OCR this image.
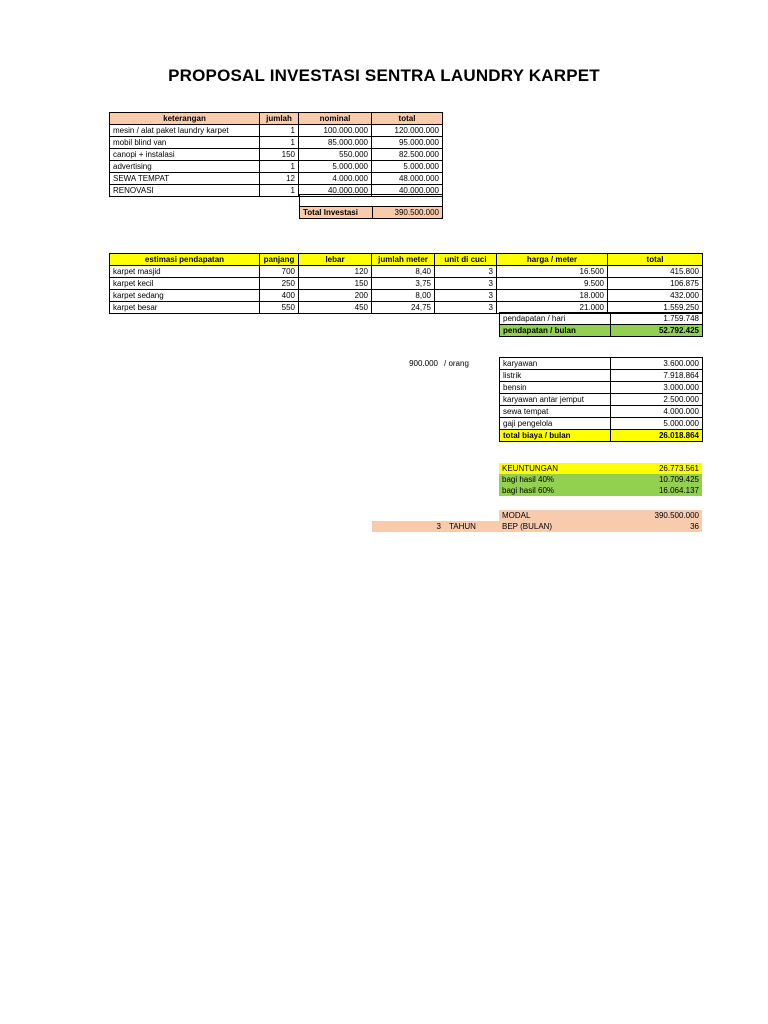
PROPOSAL INVESTASI SENTRA LAUNDRY KARPET
keterangan	jumlah	nominal	total
mesin / alat paket laundry karpet	1	100.000.000	120.000.000
mobil blind van	1	85.000.000	95.000.000
canopi + instalasi	150	550.000	82.500.000
advertising	1	5.000.000	5.000.000
SEWA TEMPAT	12	4.000.000	48.000.000
RENOVASI	1	40.000.000	40.000.000

Total Investasi	390.500.000
estimasi pendapatan	panjang	lebar	jumlah meter	unit di cuci	harga / meter	total
karpet masjid	700	120	8,40	3	16.500	415.800
karpet kecil	250	150	3,75	3	9.500	106.875
karpet sedang	400	200	8,00	3	18.000	432.000
karpet besar	550	450	24,75	3	21.000	1.559.250
pendapatan / hari	1.759.748
pendapatan / bulan	52.792.425
900.000 / orang	karyawan	3.600.000
listrik	7.918.864
bensin	3.000.000
karyawan antar jemput	2.500.000
sewa tempat	4.000.000
gaji pengelola	5.000.000
total biaya / bulan	26.018.864
KEUNTUNGAN	26.773.561
bagi hasil 40%	10.709.425
bagi hasil 60%	16.064.137
		MODAL	390.500.000
3	TAHUN	BEP (BULAN)	36
